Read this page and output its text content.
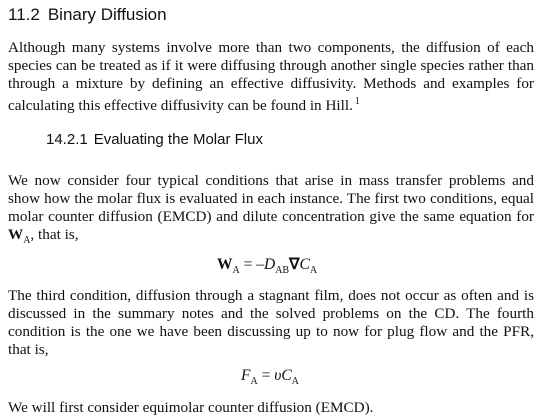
11.2 Binary Diffusion

Although many systems involve more than two components, the diffusion of each species can be treated as if it were diffusing through another single species rather than through a mixture by defining an effective diffusivity. Methods and examples for calculating this effective diffusivity can be found in Hill. $^1$

14.2.1 Evaluating the Molar Flux

We now consider four typical conditions that arise in mass transfer problems and show how the molar flux is evaluated in each instance. The first two conditions, equal molar counter diffusion (EMCD) and dilute concentration give the same equation for $W_A$, that is,

$W_A = -D_{AB}\nabla C_A$

The third condition, diffusion through a stagnant film, does not occur as often and is discussed in the summary notes and the solved problems on the CD. The fourth condition is the one we have been discussing up to now for plug flow and the PFR, that is,

$F_A = \upsilon C_A$

We will first consider equimolar counter diffusion (EMCD).
